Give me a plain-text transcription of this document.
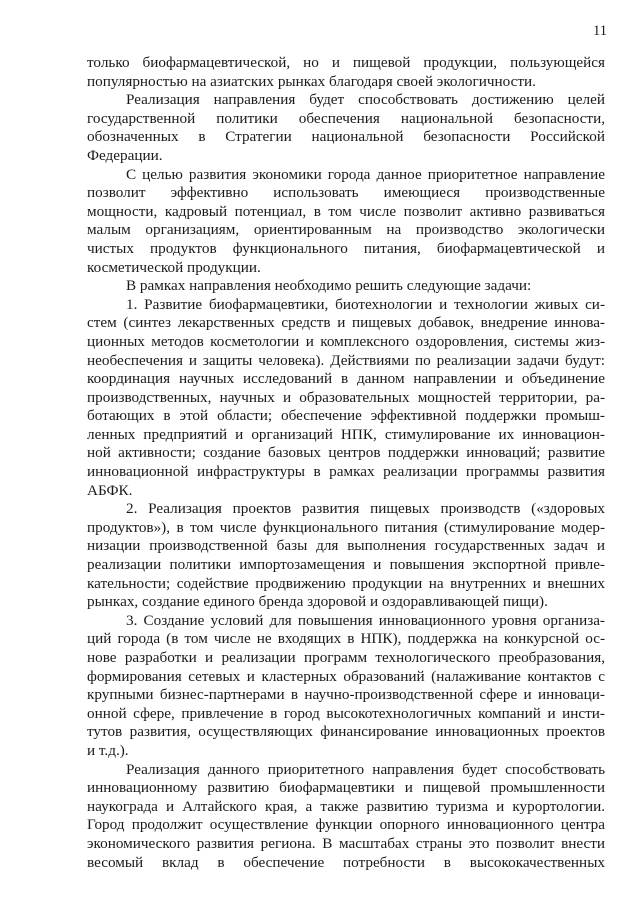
11

только биофармацевтической, но и пищевой продукции, пользующейся
популярностью на азиатских рынках благодаря своей экологичности.

Реализация направления будет способствовать достижению целей
государственной политики обеспечения национальной безопасности,
обозначенных в Стратегии национальной безопасности Российской
Федерации.

С целью развития экономики города данное приоритетное направление
позволит эффективно использовать имеющиеся производственные
мощности, кадровый потенциал, в том числе позволит активно развиваться
малым организациям, ориентированным на производство экологически
чистых продуктов функционального питания, биофармацевтической и
косметической продукции.

В рамках направления необходимо решить следующие задачи:

1. Развитие биофармацевтики, биотехнологии и технологии живых си-
стем (синтез лекарственных средств и пищевых добавок, внедрение иннова-
ционных методов косметологии и комплексного оздоровления, системы жиз-
необеспечения и защиты человека). Действиями по реализации задачи будут:
координация научных исследований в данном направлении и объединение
производственных, научных и образовательных мощностей территории, ра-
ботающих в этой области; обеспечение эффективной поддержки промыш-
ленных предприятий и организаций НПК, стимулирование их инновацион-
ной активности; создание базовых центров поддержки инноваций; развитие
инновационной инфраструктуры в рамках реализации программы развития
АБФК.

2. Реализация проектов развития пищевых производств («здоровых
продуктов»), в том числе функционального питания (стимулирование модер-
низации производственной базы для выполнения государственных задач и
реализации политики импортозамещения и повышения экспортной привле-
кательности; содействие продвижению продукции на внутренних и внешних
рынках, создание единого бренда здоровой и оздоравливающей пищи).

3. Создание условий для повышения инновационного уровня организа-
ций города (в том числе не входящих в НПК), поддержка на конкурсной ос-
нове разработки и реализации программ технологического преобразования,
формирования сетевых и кластерных образований (налаживание контактов с
крупными бизнес-партнерами в научно-производственной сфере и инноваци-
онной сфере, привлечение в город высокотехнологичных компаний и инсти-
тутов развития, осуществляющих финансирование инновационных проектов
и т.д.).

Реализация данного приоритетного направления будет способствовать
инновационному развитию биофармацевтики и пищевой промышленности
наукограда и Алтайского края, а также развитию туризма и курортологии.
Город продолжит осуществление функции опорного инновационного центра
экономического развития региона. В масштабах страны это позволит внести
весомый вклад в обеспечение потребности в высококачественных
